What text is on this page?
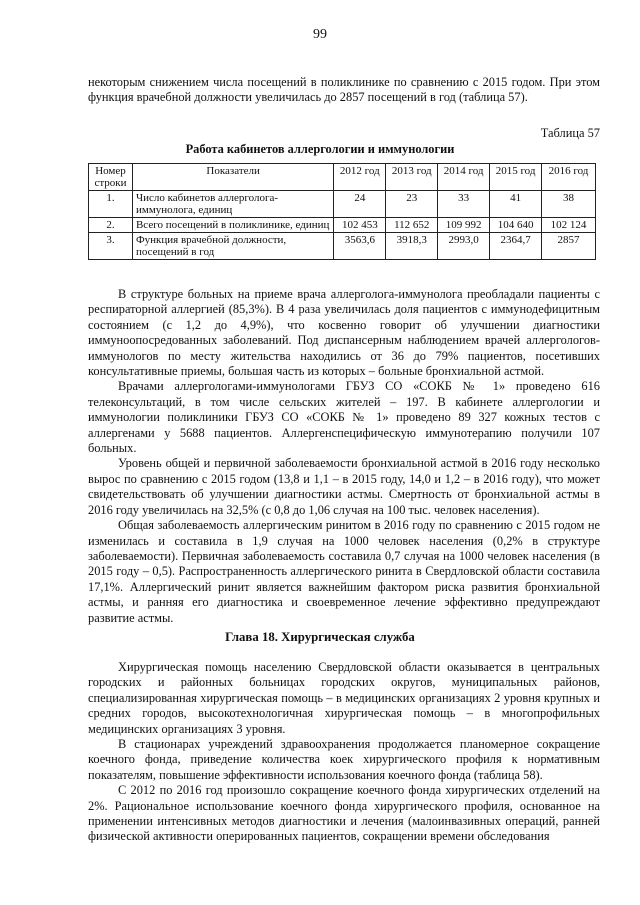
99

некоторым снижением числа посещений в поликлинике по сравнению с 2015 годом. При этом функция врачебной должности увеличилась до 2857 посещений в год (таблица 57).

Таблица 57
Работа кабинетов аллергологии и иммунологии
Номер строки	Показатели	2012 год	2013 год	2014 год	2015 год	2016 год
1.	Число кабинетов аллерголога-иммунолога, единиц	24	23	33	41	38
2.	Всего посещений в поликлинике, единиц	102 453	112 652	109 992	104 640	102 124
3.	Функция врачебной должности, посещений в год	3563,6	3918,3	2993,0	2364,7	2857

В структуре больных на приеме врача аллерголога-иммунолога преобладали пациенты с респираторной аллергией (85,3%). В 4 раза увеличилась доля пациентов с иммунодефицитным состоянием (с 1,2 до 4,9%), что косвенно говорит об улучшении диагностики иммуноопосредованных заболеваний. Под диспансерным наблюдением врачей аллергологов-иммунологов по месту жительства находились от 36 до 79% пациентов, посетивших консультативные приемы, большая часть из которых – больные бронхиальной астмой.

Врачами аллергологами-иммунологами ГБУЗ СО «СОКБ № 1» проведено 616 телеконсультаций, в том числе сельских жителей – 197. В кабинете аллергологии и иммунологии поликлиники ГБУЗ СО «СОКБ № 1» проведено 89 327 кожных тестов с аллергенами у 5688 пациентов. Аллергенспецифическую иммунотерапию получили 107 больных.

Уровень общей и первичной заболеваемости бронхиальной астмой в 2016 году несколько вырос по сравнению с 2015 годом (13,8 и 1,1 – в 2015 году, 14,0 и 1,2 – в 2016 году), что может свидетельствовать об улучшении диагностики астмы. Смертность от бронхиальной астмы в 2016 году увеличилась на 32,5% (с 0,8 до 1,06 случая на 100 тыс. человек населения).

Общая заболеваемость аллергическим ринитом в 2016 году по сравнению с 2015 годом не изменилась и составила в 1,9 случая на 1000 человек населения (0,2% в структуре заболеваемости). Первичная заболеваемость составила 0,7 случая на 1000 человек населения (в 2015 году – 0,5). Распространенность аллергического ринита в Свердловской области составила 17,1%. Аллергический ринит является важнейшим фактором риска развития бронхиальной астмы, и ранняя его диагностика и своевременное лечение эффективно предупреждают развитие астмы.

Глава 18. Хирургическая служба

Хирургическая помощь населению Свердловской области оказывается в центральных городских и районных больницах городских округов, муниципальных районов, специализированная хирургическая помощь – в медицинских организациях 2 уровня крупных и средних городов, высокотехнологичная хирургическая помощь – в многопрофильных медицинских организациях 3 уровня.

В стационарах учреждений здравоохранения продолжается планомерное сокращение коечного фонда, приведение количества коек хирургического профиля к нормативным показателям, повышение эффективности использования коечного фонда (таблица 58).

С 2012 по 2016 год произошло сокращение коечного фонда хирургических отделений на 2%. Рациональное использование коечного фонда хирургического профиля, основанное на применении интенсивных методов диагностики и лечения (малоинвазивных операций, ранней физической активности оперированных пациентов, сокращении времени обследования
